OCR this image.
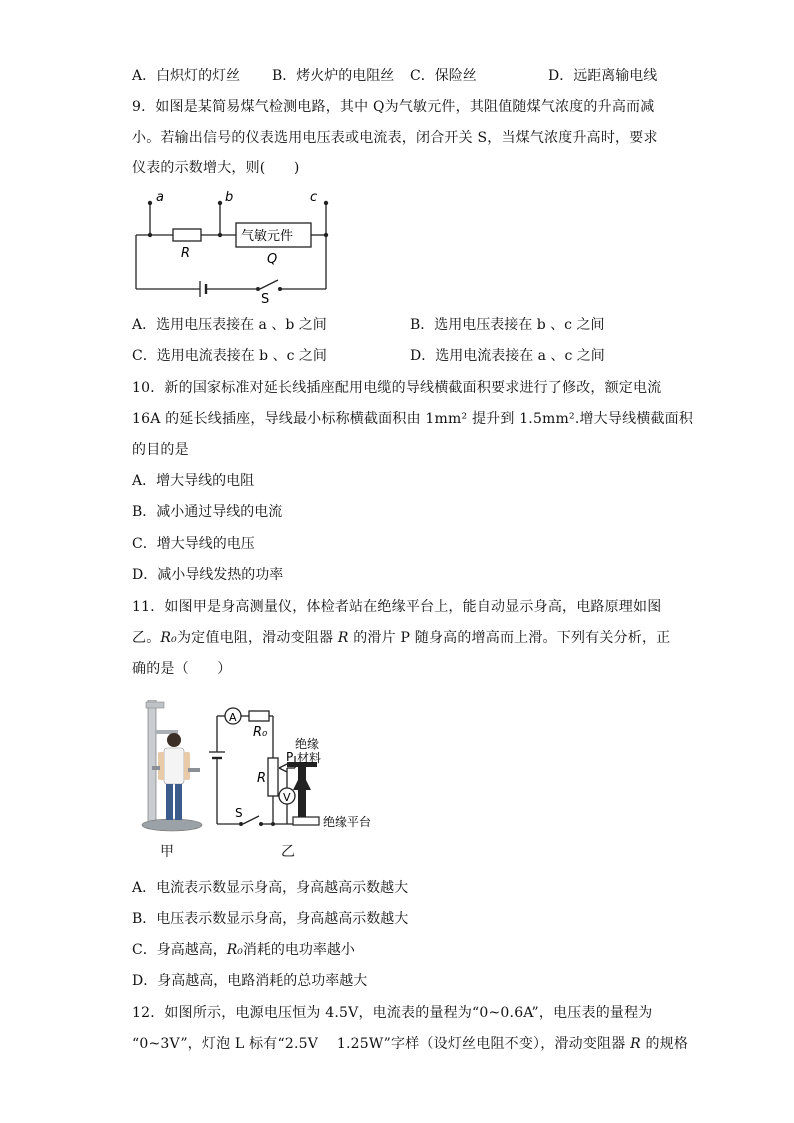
A．白炽灯的灯丝 B．烤火炉的电阻丝 C．保险丝	D．远距离输电线
9．如图是某简易煤气检测电路，其中 Q为气敏元件，其阻值随煤气浓度的升高而减
小。若输出信号的仪表选用电压表或电流表，闭合开关 S，当煤气浓度升高时，要求
仪表的示数增大，则(　　)
a	b	c
R
气敏元件
Q
S
A．选用电压表接在 a 、b 之间	B．选用电压表接在 b 、c 之间
C．选用电流表接在 b 、c 之间	D．选用电流表接在 a 、c 之间
10．新的国家标准对延长线插座配用电缆的导线横截面积要求进行了修改，额定电流
16A 的延长线插座，导线最小标称横截面积由 1mm² 提升到 1.5mm².增大导线横截面积
的目的是
A．增大导线的电阻
B．减小通过导线的电流
C．增大导线的电压
D．减小导线发热的功率
11．如图甲是身高测量仪，体检者站在绝缘平台上，能自动显示身高，电路原理如图
乙。R₀为定值电阻，滑动变阻器 R 的滑片 P 随身高的增高而上滑。下列有关分析，正
确的是（　　）
甲
A
V
R₀
R
P
绝缘
材料
绝缘平台
S
乙
A．电流表示数显示身高，身高越高示数越大
B．电压表示数显示身高，身高越高示数越大
C．身高越高，R₀消耗的电功率越小
D．身高越高，电路消耗的总功率越大
12．如图所示，电源电压恒为 4.5V，电流表的量程为“0~0.6A”，电压表的量程为
“0~3V”，灯泡 L 标有“2.5V　 1.25W”字样（设灯丝电阻不变），滑动变阻器 R 的规格
